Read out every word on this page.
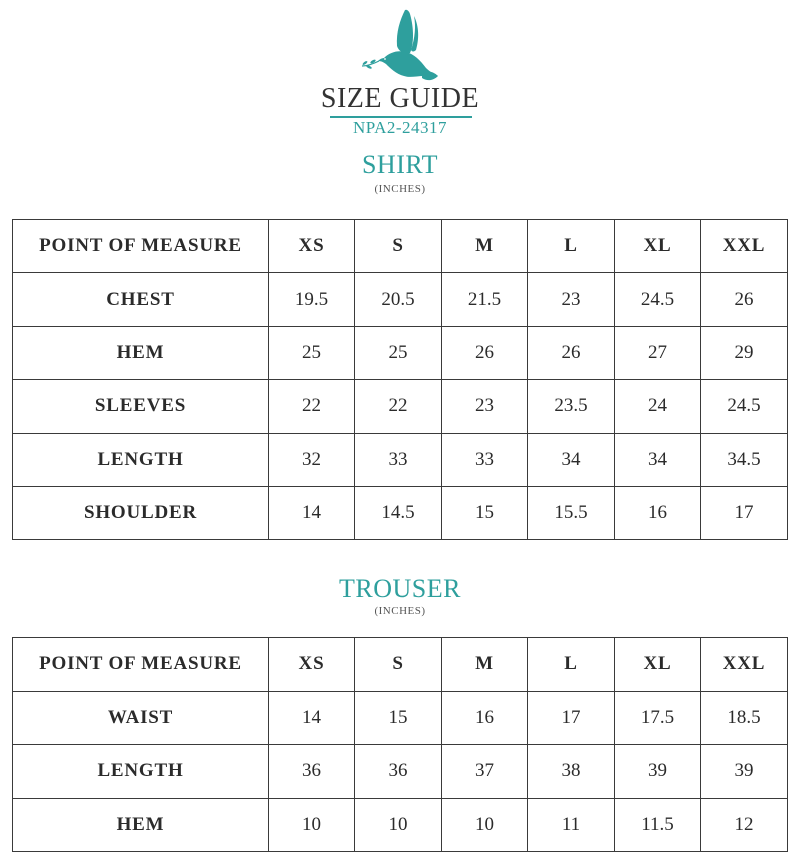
SIZE GUIDE
NPA2-24317
SHIRT
(INCHES)
POINT OF MEASURE	XS	S	M	L	XL	XXL
CHEST	19.5	20.5	21.5	23	24.5	26
HEM	25	25	26	26	27	29
SLEEVES	22	22	23	23.5	24	24.5
LENGTH	32	33	33	34	34	34.5
SHOULDER	14	14.5	15	15.5	16	17
TROUSER
(INCHES)
POINT OF MEASURE	XS	S	M	L	XL	XXL
WAIST	14	15	16	17	17.5	18.5
LENGTH	36	36	37	38	39	39
HEM	10	10	10	11	11.5	12
